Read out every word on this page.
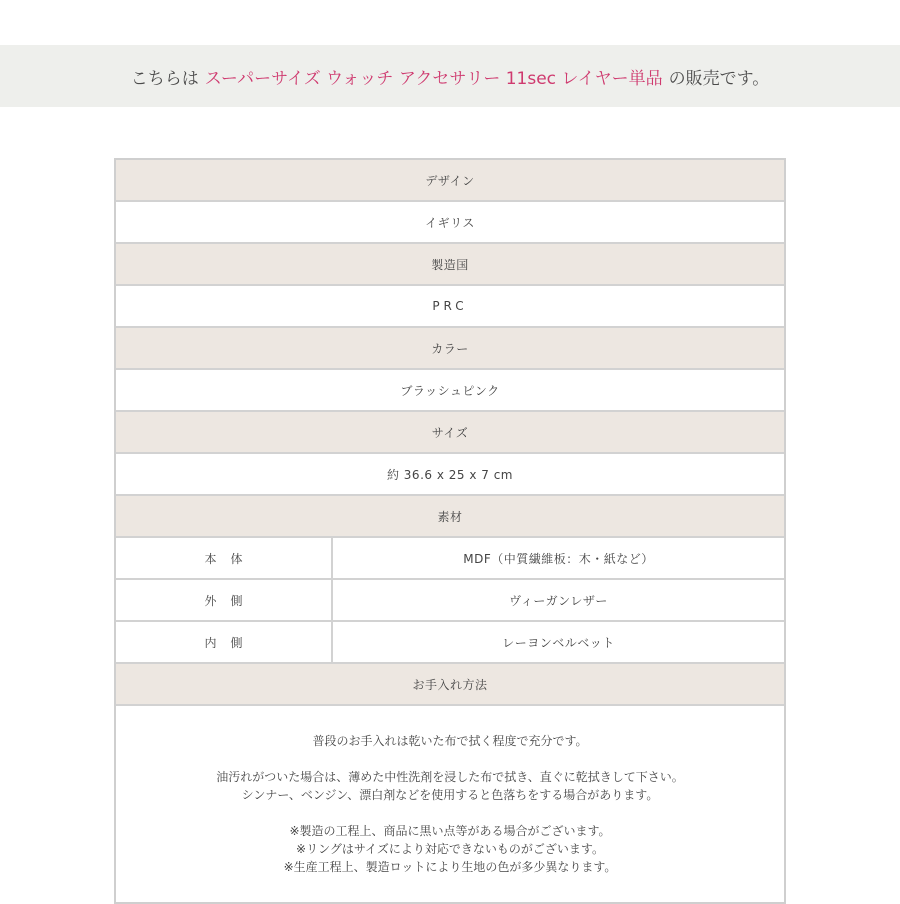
こちらは スーパーサイズ ウォッチ アクセサリー 11sec レイヤー単品 の販売です。
デザイン
イギリス
製造国
PRC
カラー
ブラッシュピンク
サイズ
約 36.6 x 25 x 7 cm
素材
本体	MDF（中質繊維板：木・紙など）
外側	ヴィーガンレザー
内側	レーヨンベルベット
お手入れ方法

普段のお手入れは乾いた布で拭く程度で充分です。

油汚れがついた場合は、薄めた中性洗剤を浸した布で拭き、直ぐに乾拭きして下さい。

シンナー、ベンジン、漂白剤などを使用すると色落ちをする場合があります。

※製造の工程上、商品に黒い点等がある場合がございます。

※リングはサイズにより対応できないものがございます。

※生産工程上、製造ロットにより生地の色が多少異なります。
